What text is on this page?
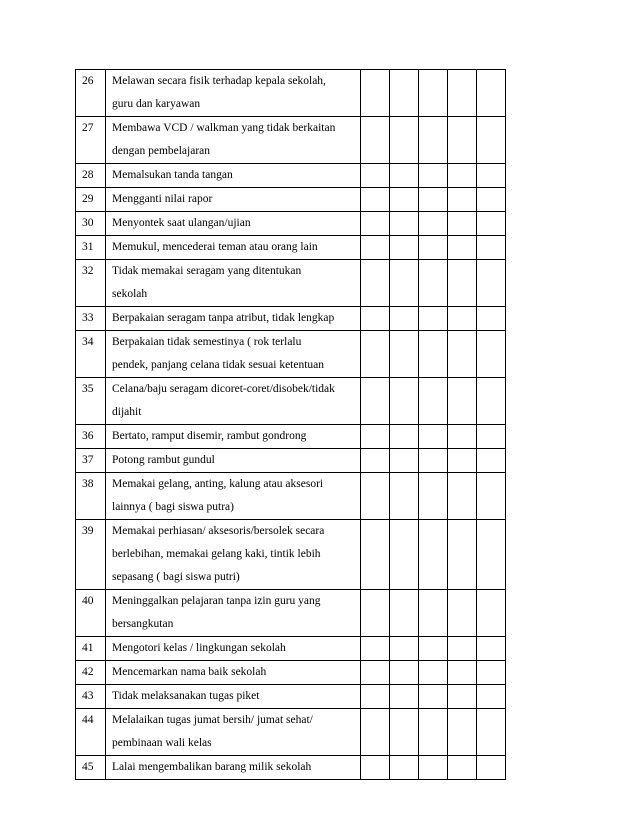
26	Melawan secara fisik terhadap kepala sekolah,
guru dan karyawan					

27	Membawa VCD / walkman yang tidak berkaitan
dengan pembelajaran					

28	Memalsukan tanda tangan					

29	Mengganti nilai rapor					

30	Menyontek saat ulangan/ujian					

31	Memukul, mencederai teman atau orang lain					

32	Tidak memakai seragam yang ditentukan
sekolah					

33	Berpakaian seragam tanpa atribut, tidak lengkap					

34	Berpakaian tidak semestinya ( rok terlalu
pendek, panjang celana tidak sesuai ketentuan					

35	Celana/baju seragam dicoret-coret/disobek/tidak
dijahit					

36	Bertato, ramput disemir, rambut gondrong					

37	Potong rambut gundul					

38	Memakai gelang, anting, kalung atau aksesori
lainnya ( bagi siswa putra)					

39	Memakai perhiasan/ aksesoris/bersolek secara
berlebihan, memakai gelang kaki, tintik lebih
sepasang ( bagi siswa putri)					

40	Meninggalkan pelajaran tanpa izin guru yang
bersangkutan					

41	Mengotori kelas / lingkungan sekolah					

42	Mencemarkan nama baik sekolah					

43	Tidak melaksanakan tugas piket					

44	Melalaikan tugas jumat bersih/ jumat sehat/
pembinaan wali kelas					

45	Lalai mengembalikan barang milik sekolah					
